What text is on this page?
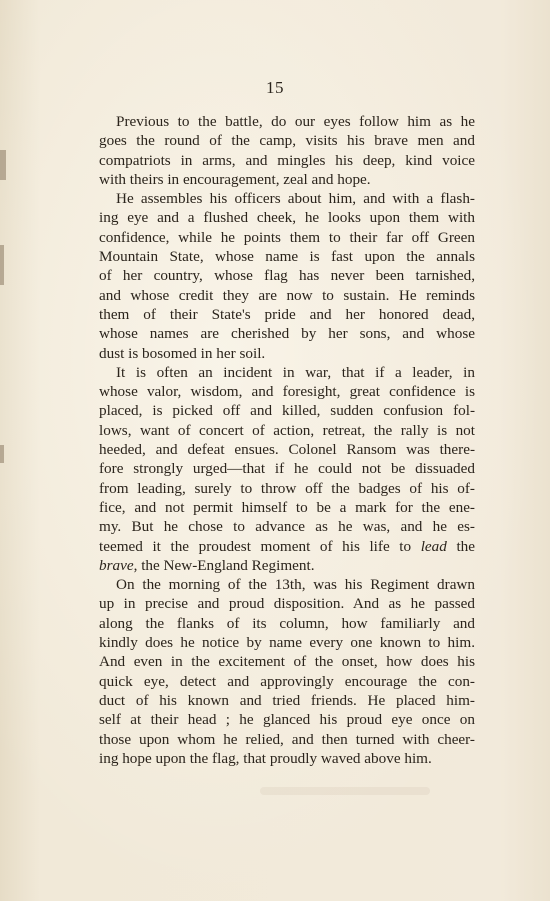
15
Previous to the battle, do our eyes follow him as he
goes the round of the camp, visits his brave men and
compatriots in arms, and mingles his deep, kind voice
with theirs in encouragement, zeal and hope.
He assembles his officers about him, and with a flash-
ing eye and a flushed cheek, he looks upon them with
confidence, while he points them to their far off Green
Mountain State, whose name is fast upon the annals
of her country, whose flag has never been tarnished,
and whose credit they are now to sustain. He reminds
them of their State's pride and her honored dead,
whose names are cherished by her sons, and whose
dust is bosomed in her soil.
It is often an incident in war, that if a leader, in
whose valor, wisdom, and foresight, great confidence is
placed, is picked off and killed, sudden confusion fol-
lows, want of concert of action, retreat, the rally is not
heeded, and defeat ensues. Colonel Ransom was there-
fore strongly urged—that if he could not be dissuaded
from leading, surely to throw off the badges of his of-
fice, and not permit himself to be a mark for the ene-
my. But he chose to advance as he was, and he es-
teemed it the proudest moment of his life to lead the
brave, the New-England Regiment.
On the morning of the 13th, was his Regiment drawn
up in precise and proud disposition. And as he passed
along the flanks of its column, how familiarly and
kindly does he notice by name every one known to him.
And even in the excitement of the onset, how does his
quick eye, detect and approvingly encourage the con-
duct of his known and tried friends. He placed him-
self at their head ; he glanced his proud eye once on
those upon whom he relied, and then turned with cheer-
ing hope upon the flag, that proudly waved above him.
